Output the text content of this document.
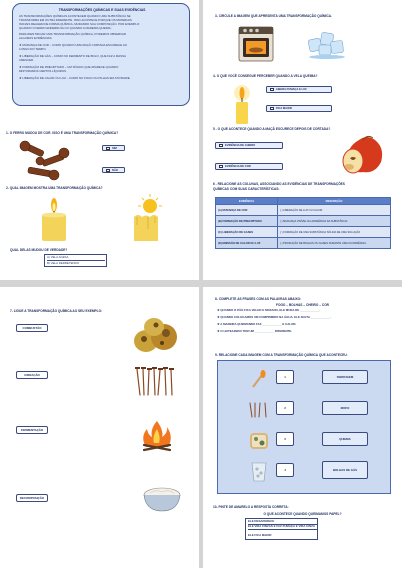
TRANSFORMAÇÕES QUÍMICAS E SUAS EVIDÊNCIAS
AS TRANSFORMAÇÕES QUÍMICAS ACONTECEM QUANDO UMA SUBSTÂNCIA SE
TRANSFORMA EM OUTRA DIFERENTE. ISSO ACONTECE PORQUE OS MATERIAIS
INICIAIS REAGEM DE FORMA QUÍMICA, MUDANDO SUA COMPOSIÇÃO. POR EXEMPLO:
QUANDO O FERRO ENFERRUJA OU QUANDO A MADEIRA QUEIMA.
PARA IDENTIFICAR UMA TRANSFORMAÇÃO QUÍMICA, PODEMOS OBSERVAR
ALGUMAS EVIDÊNCIAS:
★ MUDANÇA DE COR – COMO QUANDO UMA MAÇÃ CORTADA ESCURECE AO
LONGO DO TEMPO.
★ LIBERAÇÃO DE GÁS – COMO NO FERMENTO DE BOLO, QUE FAZ A MASSA
CRESCER.
★ FORMAÇÃO DE PRECIPITADO – UM SÓLIDO QUE APARECE QUANDO
MISTURAMOS CERTOS LÍQUIDOS.
★ LIBERAÇÃO DE CALOR OU LUZ – COMO NO FOGO OU PILHAS EM ATIVIDADE.
1- O FERRO MUDOU DE COR. ISSO É UMA TRANSFORMAÇÃO QUÍMICA?
SIM
NÃO
2- QUAL IMAGEM MOSTRA UMA TRANSFORMAÇÃO QUÍMICA?
QUAL DELAS MUDOU DE VERDADE?
A) VELA ACESA
B) VELA DERRETENDO
3- CIRCULE A IMAGEM QUE APRESENTA UMA TRANSFORMAÇÃO QUÍMICA.
4- O QUE VOCÊ CONSEGUE PERCEBER QUANDO A VELA QUEIMA?
LIBERA FUMAÇA E LUZ
FICA MAIOR
5 - O QUE ACONTECE QUANDO A MAÇÃ ESCURECE DEPOIS DE CORTADA?
EVIDÊNCIA DE CHEIRO
EVIDÊNCIA DE COR
6 - RELACIONE AS COLUNAS, ASSOCIANDO AS EVIDÊNCIAS DE TRANSFORMAÇÕES
QUÍMICAS COM SUAS CARACTERÍSTICAS:
EVIDÊNCIA	DESCRIÇÃO
(A) MUDANÇA DE COR	( ) LIBERAÇÃO DE LUZ OU CALOR.
(B) FORMAÇÃO DE PRECIPITADO	( ) MUDANÇA VISÍVEL NA APARÊNCIA DA SUBSTÂNCIA
(C) LIBERAÇÃO DE GASES	( ) FORMAÇÃO DE UMA SUBSTÂNCIA SÓLIDA DE UMA SOLUÇÃO
(D) EMISSÃO DE CALOR OU LUZ	( ) PRODUÇÃO DE BOLHAS OU GASES DURANTE UMA OCORRÊNCIA.
7- LIGUE A TRANSFORMAÇÃO QUÍMICA AO SEU EXEMPLO:
COMBUSTÃO
OXIDAÇÃO
FERMENTAÇÃO
DECOMPOSIÇÃO
8- COMPLETE AS FRASES COM AS PALAVRAS ABAIXO:
FOGO – BOLHAS – CHEIRO – COR
★ QUANDO O PÃO FICA VELHO E MOFADO, ELE MUDA DE ____________.
★ QUANDO COLOCAMOS UM COMPRIMIDO NA ÁGUA, ELE SOLTA ____________.
★ A MADEIRA QUEIMANDO FAZ ____________ E CALOR.
★ O LEITEAZEDO TEM UM ____________ DIFERENTE.
9- RELACIONE CADA IMAGEM COM A TRANSFORMAÇÃO QUÍMICA QUE ACONTECEU.
1	FERRUGEM
2	MOFO
3	QUEIMA
4	BOLHAS DE GÁS
10- PINTE DE AMARELO A RESPOSTA CORRETA:
O QUE ACONTECE QUANDO QUEIMAMOS PAPEL?
ELE DESAPARECE
ELE VIRA CINZAS E FAZ FUMAÇA E VIRA CINZA
ELE FICA MAIOR
